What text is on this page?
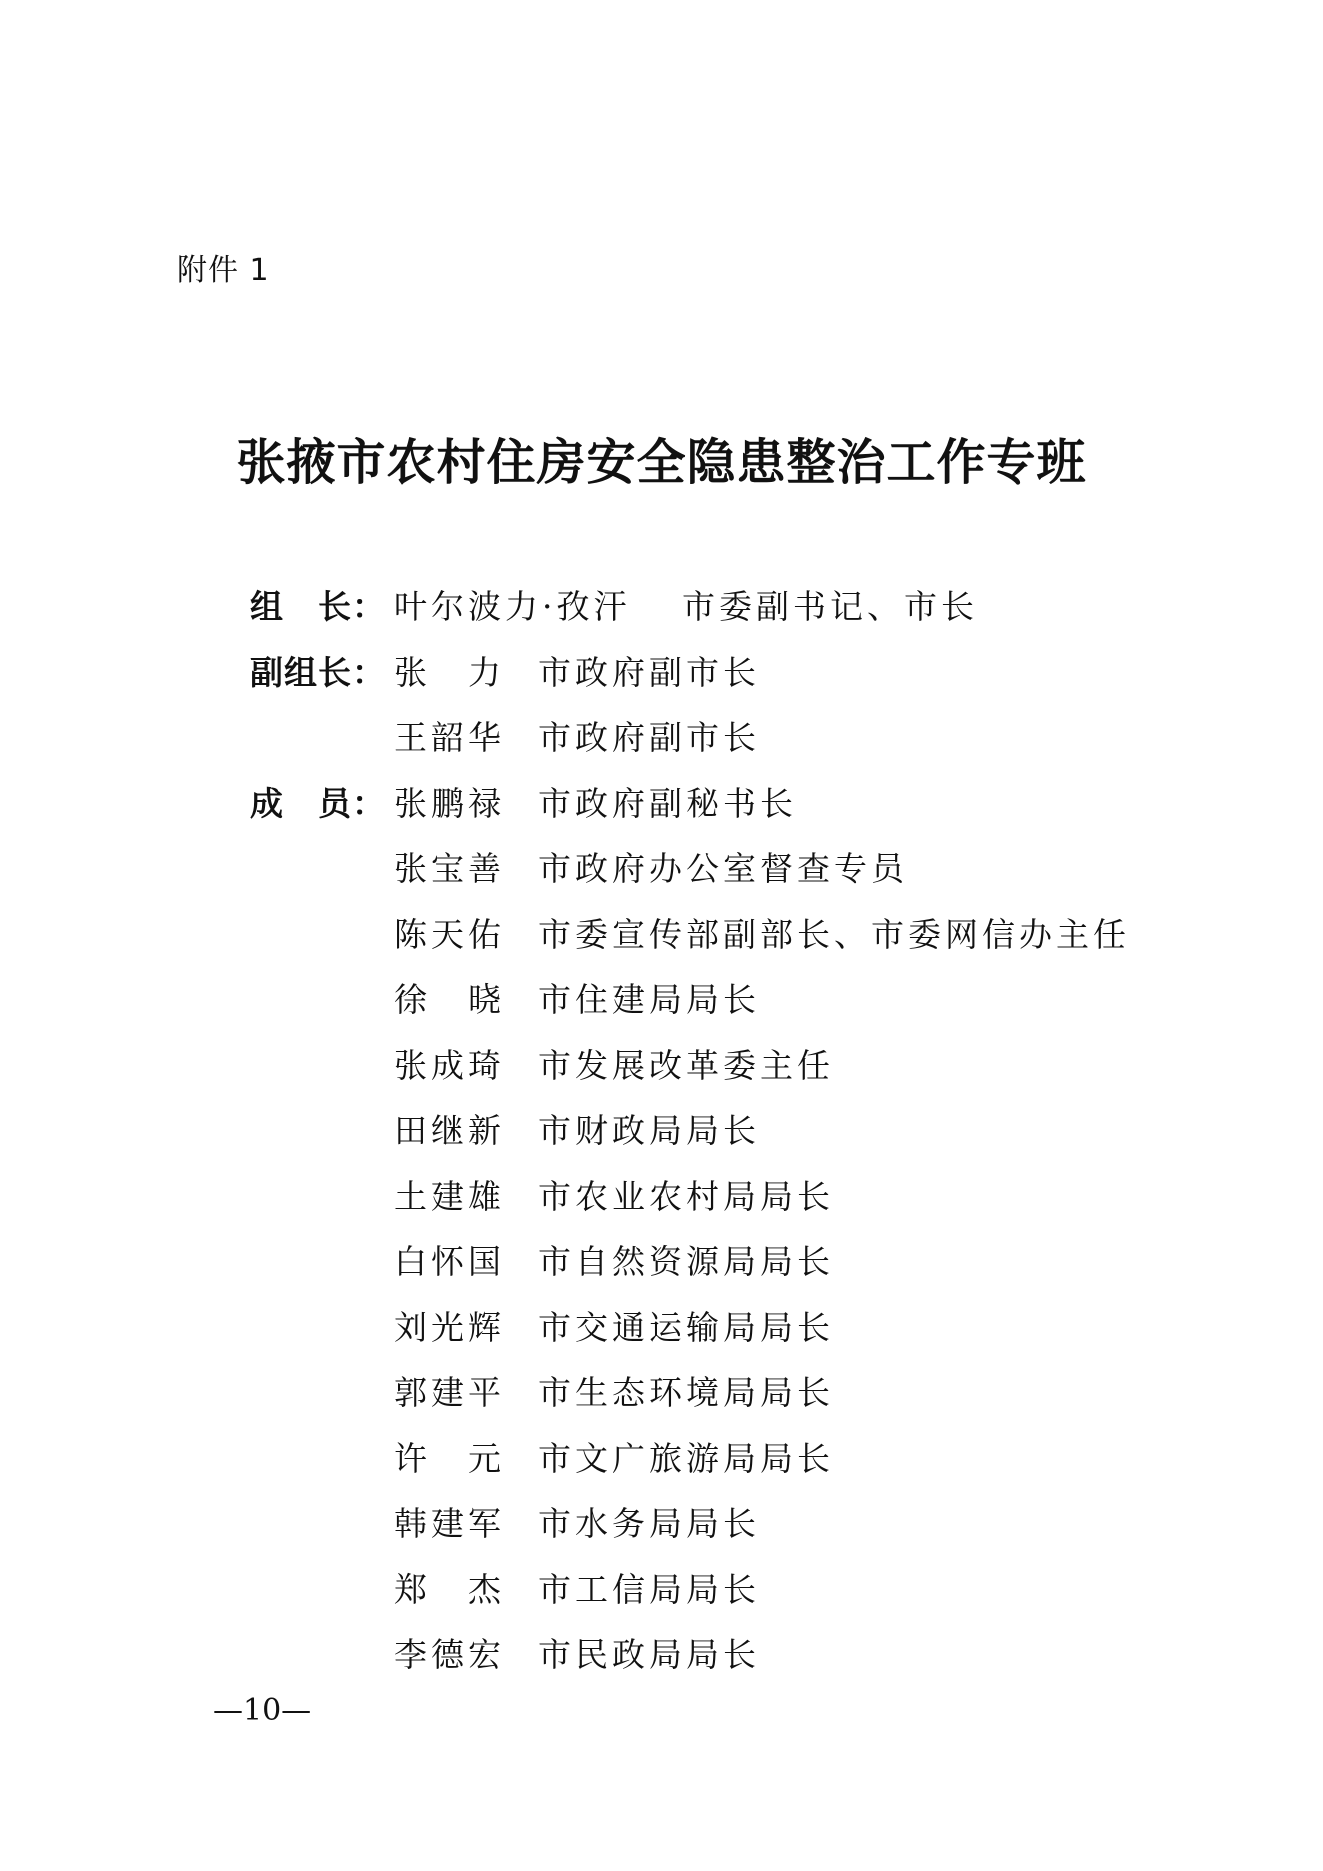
附件 1
张掖市农村住房安全隐患整治工作专班
组　长： 叶尔波力·孜汗	市委副书记、市长
副组长： 张　力	市政府副市长
王韶华	市政府副市长
成　员： 张鹏禄	市政府副秘书长
张宝善	市政府办公室督查专员
陈天佑	市委宣传部副部长、市委网信办主任
徐　晓	市住建局局长
张成琦	市发展改革委主任
田继新	市财政局局长
土建雄	市农业农村局局长
白怀国	市自然资源局局长
刘光辉	市交通运输局局长
郭建平	市生态环境局局长
许　元	市文广旅游局局长
韩建军	市水务局局长
郑　杰	市工信局局长
李德宏	市民政局局长
—10—
